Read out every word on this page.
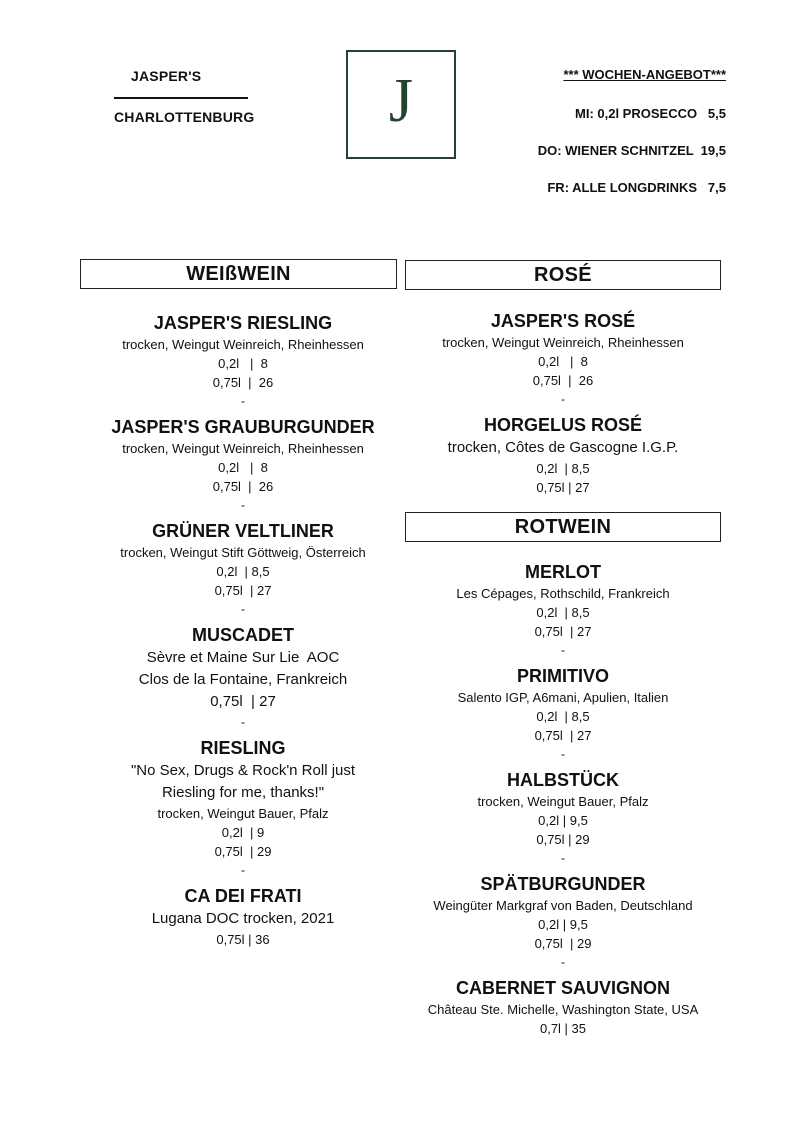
JASPER'S
CHARLOTTENBURG	J	*** WOCHEN-ANGEBOT***
MI: 0,2l PROSECCO   5,5
DO: WIENER SCHNITZEL  19,5
FR: ALLE LONGDRINKS   7,5
WEIßWEIN	ROSÉ
ROTWEIN
JASPER'S RIESLING
trocken, Weingut Weinreich, Rheinhessen
0,2l   |  8
0,75l  |  26
-
JASPER'S GRAUBURGUNDER
trocken, Weingut Weinreich, Rheinhessen
0,2l   |  8
0,75l  |  26
-
GRÜNER VELTLINER
trocken, Weingut Stift Göttweig, Österreich
0,2l  | 8,5
0,75l  | 27
-
MUSCADET
Sèvre et Maine Sur Lie  AOC
Clos de la Fontaine, Frankreich
0,75l  | 27
-
RIESLING
"No Sex, Drugs & Rock'n Roll just
Riesling for me, thanks!"
trocken, Weingut Bauer, Pfalz
0,2l  | 9
0,75l  | 29
-
CA DEI FRATI
Lugana DOC trocken, 2021
0,75l | 36
JASPER'S ROSÉ
trocken, Weingut Weinreich, Rheinhessen
0,2l   |  8
0,75l  |  26
-
HORGELUS ROSÉ
trocken, Côtes de Gascogne I.G.P.
0,2l  | 8,5
0,75l | 27
MERLOT
Les Cépages, Rothschild, Frankreich
0,2l  | 8,5
0,75l  | 27
-
PRIMITIVO
Salento IGP, A6mani, Apulien, Italien
0,2l  | 8,5
0,75l  | 27
-
HALBSTÜCK
trocken, Weingut Bauer, Pfalz
0,2l | 9,5
0,75l | 29
-
SPÄTBURGUNDER
Weingüter Markgraf von Baden, Deutschland
0,2l | 9,5
0,75l  | 29
-
CABERNET SAUVIGNON
Château Ste. Michelle, Washington State, USA
0,7l | 35
